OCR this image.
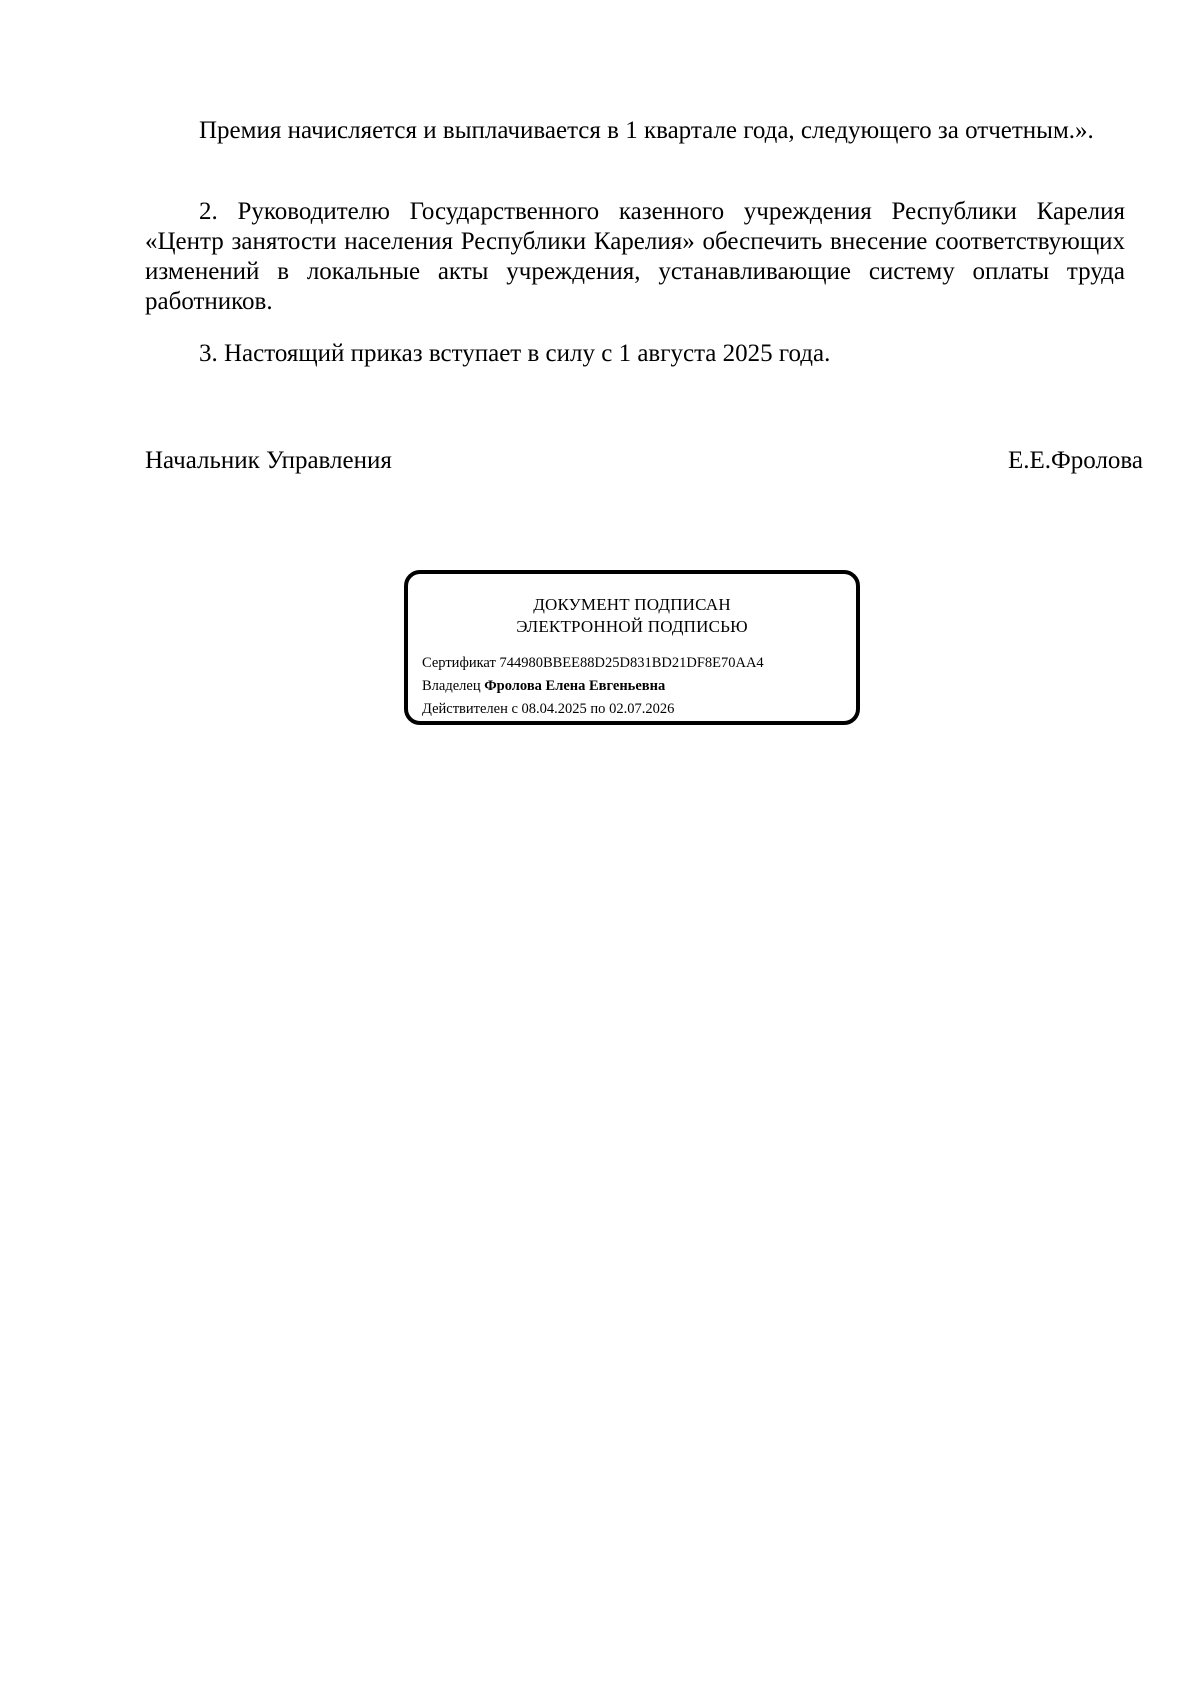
Премия начисляется и выплачивается в 1 квартале года, следующего за отчетным.».

2. Руководителю Государственного казенного учреждения Республики Карелия «Центр занятости населения Республики Карелия» обеспечить внесение соответствующих изменений в локальные акты учреждения, устанавливающие систему оплаты труда работников.

3. Настоящий приказ вступает в силу с 1 августа 2025 года.

Начальник Управления	Е.Е.Фролова
ДОКУМЕНТ ПОДПИСАН
ЭЛЕКТРОННОЙ ПОДПИСЬЮ
Сертификат 744980BBEE88D25D831BD21DF8E70AA4
Владелец Фролова Елена Евгеньевна
Действителен с 08.04.2025 по 02.07.2026
